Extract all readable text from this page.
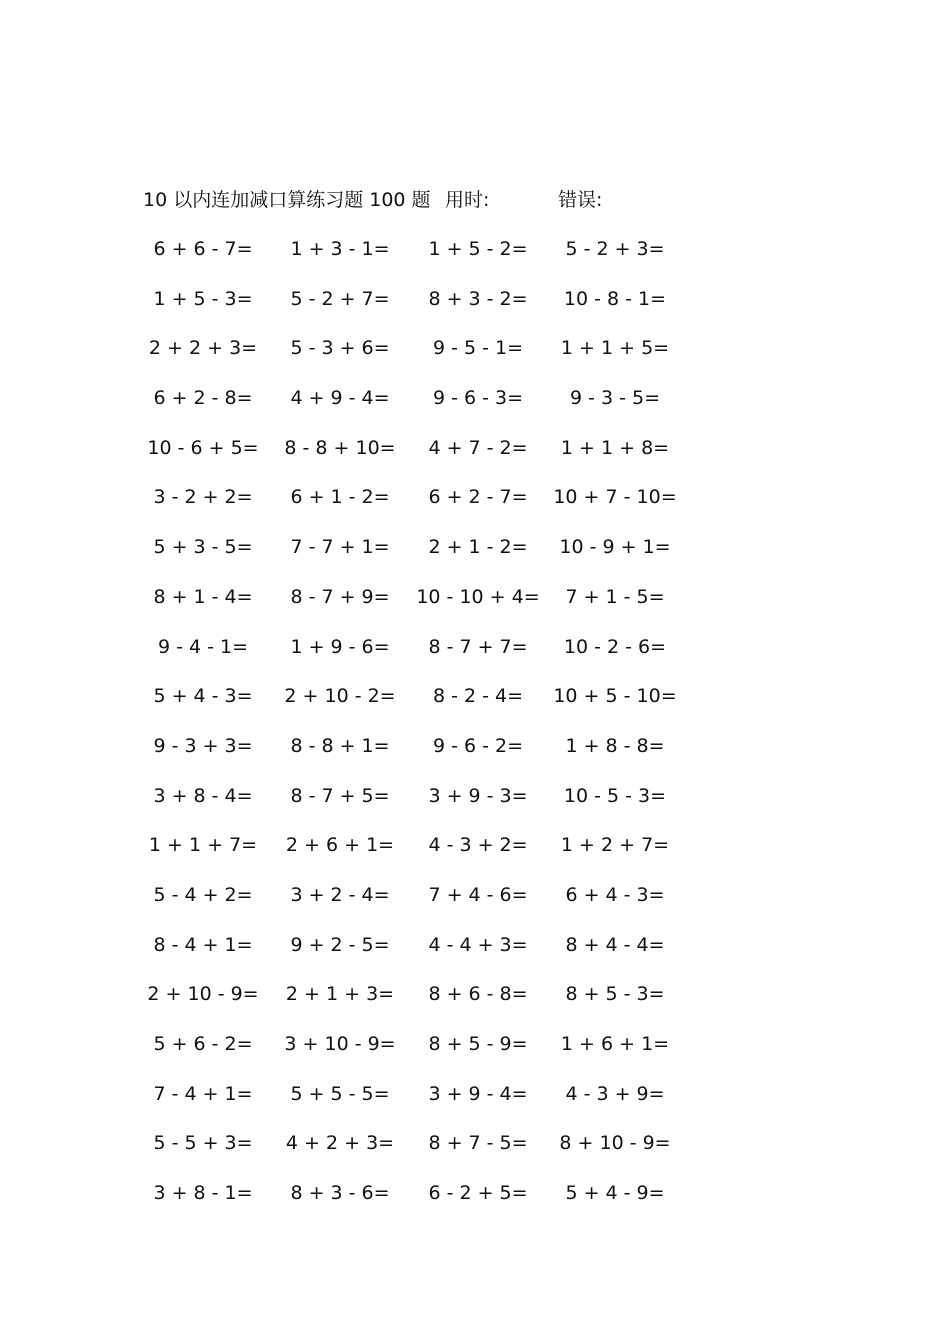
10 以内连加减口算练习题 100 题 用时:	错误:
6 + 6 - 7=	1 + 3 - 1=	1 + 5 - 2=	5 - 2 + 3=
1 + 5 - 3=	5 - 2 + 7=	8 + 3 - 2=	10 - 8 - 1=
2 + 2 + 3=	5 - 3 + 6=	9 - 5 - 1=	1 + 1 + 5=
6 + 2 - 8=	4 + 9 - 4=	9 - 6 - 3=	9 - 3 - 5=
10 - 6 + 5=	8 - 8 + 10=	4 + 7 - 2=	1 + 1 + 8=
3 - 2 + 2=	6 + 1 - 2=	6 + 2 - 7=	10 + 7 - 10=
5 + 3 - 5=	7 - 7 + 1=	2 + 1 - 2=	10 - 9 + 1=
8 + 1 - 4=	8 - 7 + 9=	10 - 10 + 4=	7 + 1 - 5=
9 - 4 - 1=	1 + 9 - 6=	8 - 7 + 7=	10 - 2 - 6=
5 + 4 - 3=	2 + 10 - 2=	8 - 2 - 4=	10 + 5 - 10=
9 - 3 + 3=	8 - 8 + 1=	9 - 6 - 2=	1 + 8 - 8=
3 + 8 - 4=	8 - 7 + 5=	3 + 9 - 3=	10 - 5 - 3=
1 + 1 + 7=	2 + 6 + 1=	4 - 3 + 2=	1 + 2 + 7=
5 - 4 + 2=	3 + 2 - 4=	7 + 4 - 6=	6 + 4 - 3=
8 - 4 + 1=	9 + 2 - 5=	4 - 4 + 3=	8 + 4 - 4=
2 + 10 - 9=	2 + 1 + 3=	8 + 6 - 8=	8 + 5 - 3=
5 + 6 - 2=	3 + 10 - 9=	8 + 5 - 9=	1 + 6 + 1=
7 - 4 + 1=	5 + 5 - 5=	3 + 9 - 4=	4 - 3 + 9=
5 - 5 + 3=	4 + 2 + 3=	8 + 7 - 5=	8 + 10 - 9=
3 + 8 - 1=	8 + 3 - 6=	6 - 2 + 5=	5 + 4 - 9=
